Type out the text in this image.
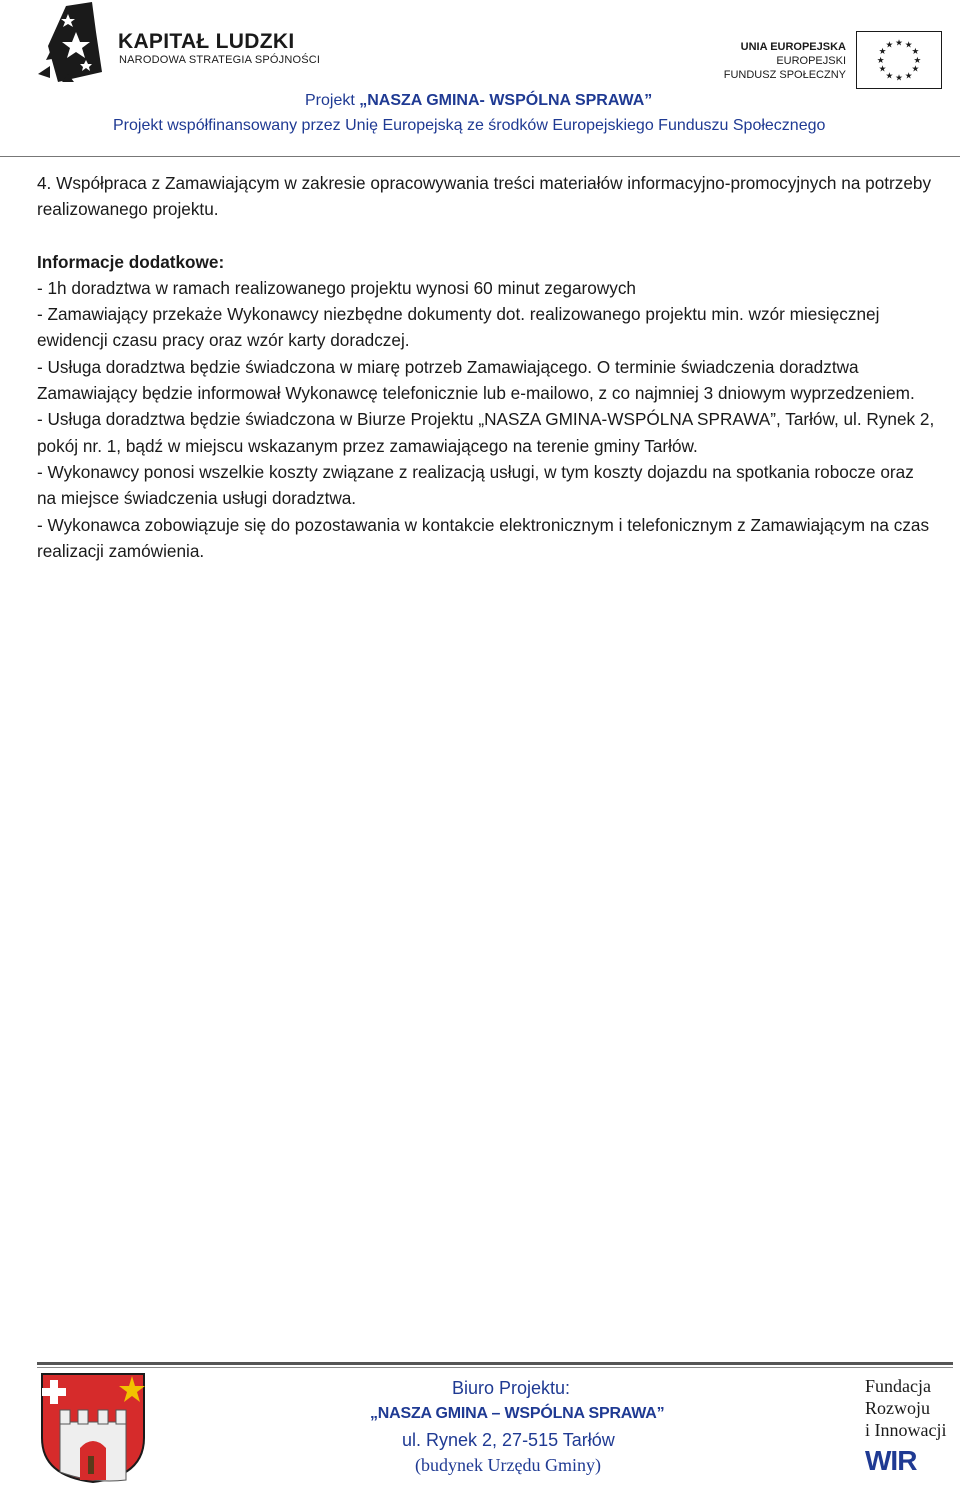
KAPITAŁ LUDZKI
NARODOWA STRATEGIA SPÓJNOŚCI
UNIA EUROPEJSKA
EUROPEJSKI
FUNDUSZ SPOŁECZNY
★ ★
★
★
★
★
★
★
★
★
★
★
Projekt „NASZA GMINA- WSPÓLNA SPRAWA”
Projekt współfinansowany przez Unię Europejską ze środków Europejskiego Funduszu Społecznego

4. Współpraca z Zamawiającym w zakresie opracowywania treści materiałów informacyjno-promocyjnych na potrzeby realizowanego projektu.

Informacje dodatkowe:

- 1h doradztwa w ramach realizowanego projektu wynosi 60 minut zegarowych

- Zamawiający przekaże Wykonawcy niezbędne dokumenty dot. realizowanego projektu min. wzór miesięcznej ewidencji czasu pracy oraz wzór karty doradczej.

- Usługa doradztwa będzie świadczona w miarę potrzeb Zamawiającego. O terminie świadczenia doradztwa Zamawiający będzie informował Wykonawcę telefonicznie lub e-mailowo, z co najmniej 3 dniowym wyprzedzeniem.

- Usługa doradztwa będzie świadczona w Biurze Projektu „NASZA GMINA-WSPÓLNA SPRAWA”, Tarłów, ul. Rynek 2, pokój nr. 1, bądź w miejscu wskazanym przez zamawiającego na terenie gminy Tarłów.

- Wykonawcy ponosi wszelkie koszty związane z realizacją usługi, w tym koszty dojazdu na spotkania robocze oraz na miejsce świadczenia usługi doradztwa.

- Wykonawca zobowiązuje się do pozostawania w kontakcie elektronicznym i telefonicznym z Zamawiającym na czas realizacji zamówienia.

Biuro Projektu:
„NASZA GMINA – WSPÓLNA SPRAWA”
ul. Rynek 2, 27-515 Tarłów
(budynek Urzędu Gminy)
Fundacja
Rozwoju
i Innowacji
WIR
